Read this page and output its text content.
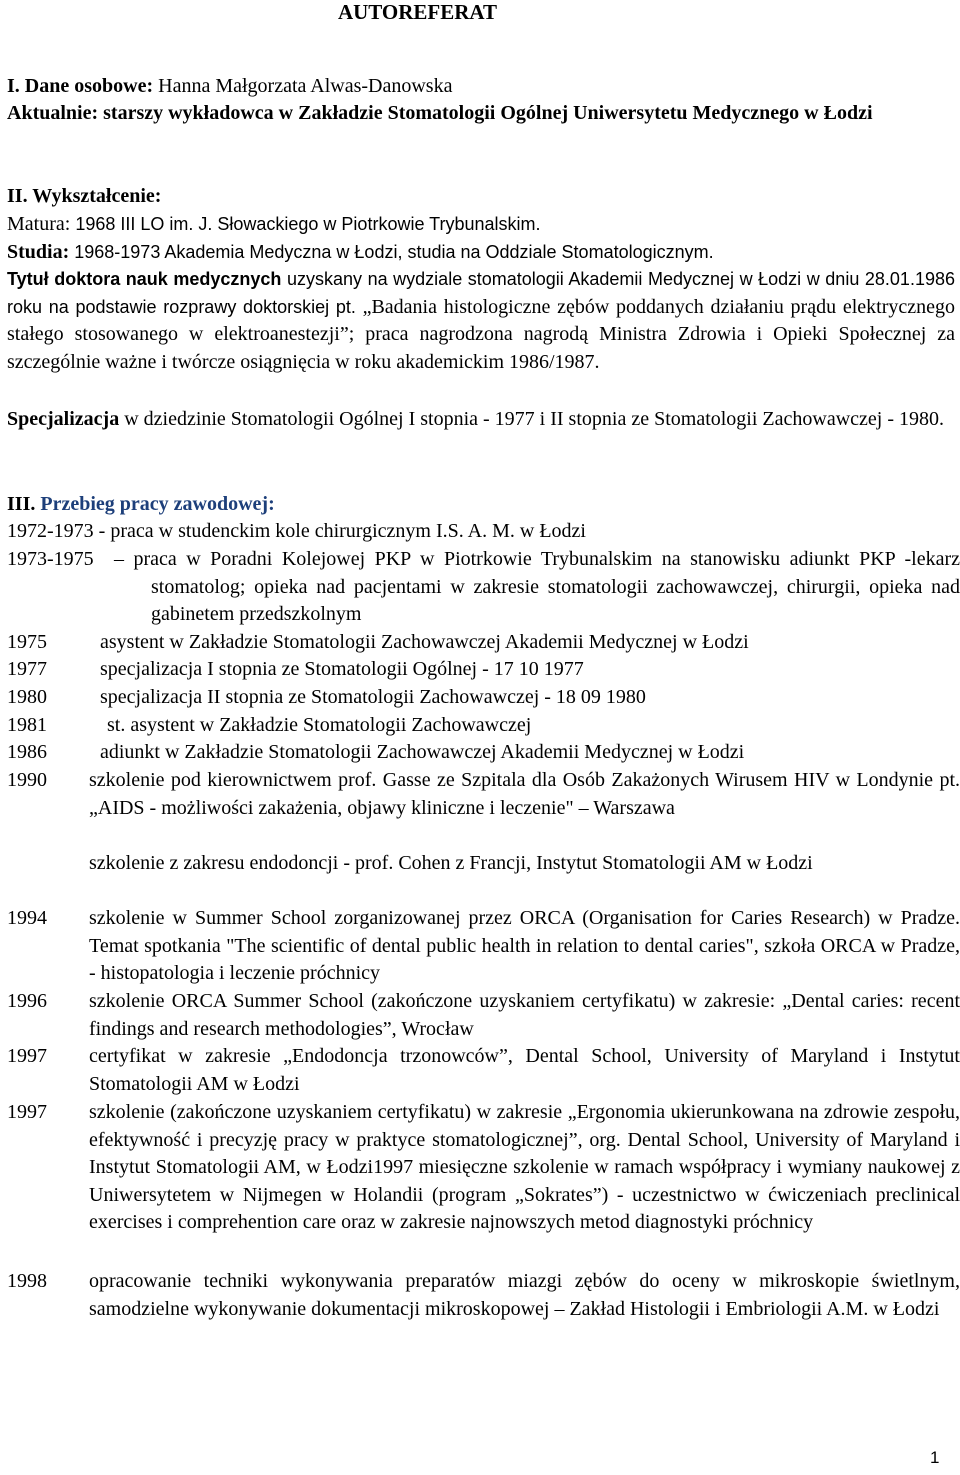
AUTOREFERAT
I. Dane osobowe: Hanna Małgorzata Alwas-Danowska
Aktualnie: starszy wykładowca w Zakładzie Stomatologii Ogólnej Uniwersytetu Medycznego w Łodzi
II. Wykształcenie:
Matura: 1968 III LO im. J. Słowackiego w Piotrkowie Trybunalskim.
Studia: 1968-1973 Akademia Medyczna w Łodzi, studia na Oddziale Stomatologicznym.
Tytuł doktora nauk medycznych uzyskany na wydziale stomatologii Akademii Medycznej w Łodzi w dniu 28.01.1986 roku na podstawie rozprawy doktorskiej pt. „Badania histologiczne zębów poddanych działaniu prądu elektrycznego stałego stosowanego w elektroanestezji”; praca nagrodzona nagrodą Ministra Zdrowia i Opieki Społecznej za szczególnie ważne i twórcze osiągnięcia w roku akademickim 1986/1987.
Specjalizacja w dziedzinie Stomatologii Ogólnej I stopnia - 1977 i II stopnia ze Stomatologii Zachowawczej - 1980.
III. Przebieg pracy zawodowej:
1972-1973 - praca w studenckim kole chirurgicznym I.S. A. M. w Łodzi
1973-1975 – praca w Poradni Kolejowej PKP w Piotrkowie Trybunalskim na stanowisku adiunkt PKP -lekarz stomatolog; opieka nad pacjentami w zakresie stomatologii zachowawczej, chirurgii, opieka nad gabinetem przedszkolnym
1975	asystent w Zakładzie Stomatologii Zachowawczej Akademii Medycznej w Łodzi
1977	specjalizacja I stopnia ze Stomatologii Ogólnej - 17 10 1977
1980	specjalizacja II stopnia ze Stomatologii Zachowawczej - 18 09 1980
1981	st. asystent w Zakładzie Stomatologii Zachowawczej
1986	adiunkt w Zakładzie Stomatologii Zachowawczej Akademii Medycznej w Łodzi
1990 szkolenie pod kierownictwem prof. Gasse ze Szpitala dla Osób Zakażonych Wirusem HIV w Londynie pt. „AIDS - możliwości zakażenia, objawy kliniczne i leczenie" – Warszawa
szkolenie z zakresu endodoncji - prof. Cohen z Francji, Instytut Stomatologii AM w Łodzi
1994 szkolenie w Summer School zorganizowanej przez ORCA (Organisation for Caries Research) w Pradze. Temat spotkania "The scientific of dental public health in relation to dental caries", szkoła ORCA w Pradze, - histopatologia i leczenie próchnicy
1996 szkolenie ORCA Summer School (zakończone uzyskaniem certyfikatu) w zakresie: „Dental caries: recent findings and research methodologies”, Wrocław
1997 certyfikat w zakresie „Endodoncja trzonowców”, Dental School, University of Maryland i Instytut Stomatologii AM w Łodzi
1997 szkolenie (zakończone uzyskaniem certyfikatu) w zakresie „Ergonomia ukierunkowana na zdrowie zespołu, efektywność i precyzję pracy w praktyce stomatologicznej”, org. Dental School, University of Maryland i Instytut Stomatologii AM, w Łodzi1997 miesięczne szkolenie w ramach współpracy i wymiany naukowej z Uniwersytetem w Nijmegen w Holandii (program „Sokrates”) - uczestnictwo w ćwiczeniach preclinical exercises i comprehention care oraz w zakresie najnowszych metod diagnostyki próchnicy
1998 opracowanie techniki wykonywania preparatów miazgi zębów do oceny w mikroskopie świetlnym, samodzielne wykonywanie dokumentacji mikroskopowej – Zakład Histologii i Embriologii A.M. w Łodzi
1
